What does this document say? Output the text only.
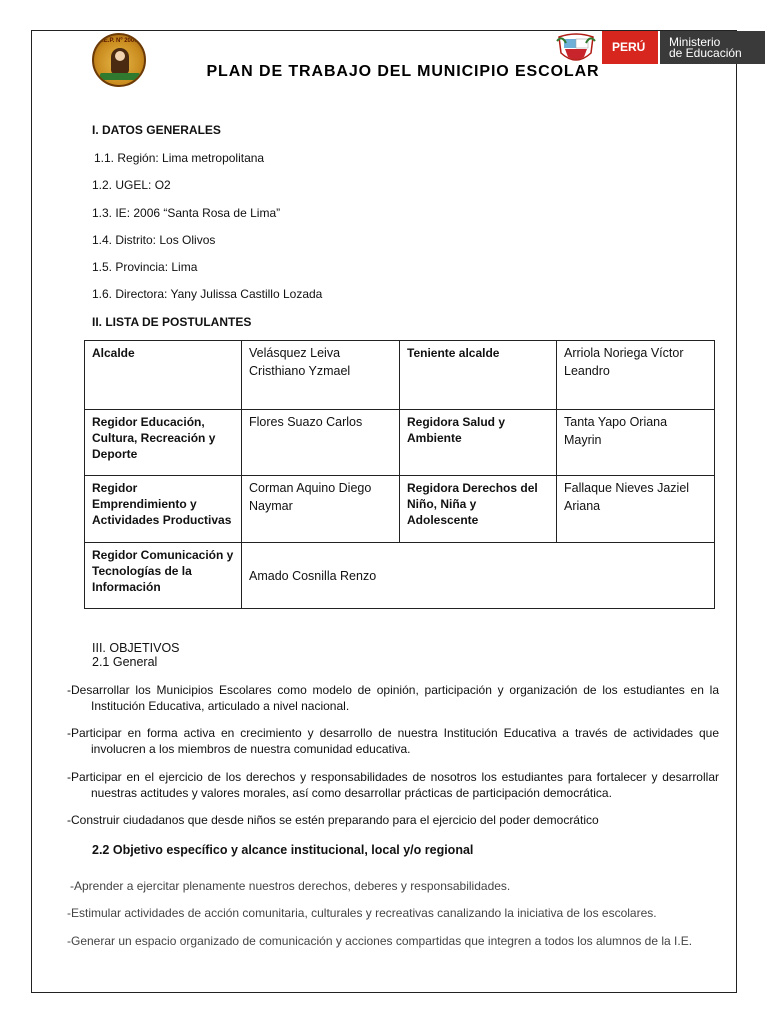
I.E.P. Nº 2006	PERÚ	Ministerio
de Educación
PLAN DE TRABAJO DEL MUNICIPIO ESCOLAR
I. DATOS GENERALES
1.1. Región: Lima metropolitana
1.2. UGEL: O2
1.3. IE: 2006 “Santa Rosa de Lima”
1.4. Distrito: Los Olivos
1.5. Provincia: Lima
1.6. Directora: Yany Julissa Castillo Lozada
II. LISTA DE POSTULANTES
Alcalde	Velásquez Leiva Cristhiano Yzmael	Teniente alcalde	Arriola Noriega Víctor Leandro
Regidor Educación, Cultura, Recreación y Deporte	Flores Suazo Carlos	Regidora Salud y Ambiente	Tanta Yapo Oriana Mayrin
Regidor Emprendimiento y Actividades Productivas	Corman Aquino Diego Naymar	Regidora Derechos del Niño, Niña y Adolescente	Fallaque Nieves Jaziel Ariana
Regidor Comunicación y Tecnologías de la Información	Amado Cosnilla Renzo		
III. OBJETIVOS
2.1 General
-Desarrollar los Municipios Escolares como modelo de opinión, participación y organización de los estudiantes en la Institución Educativa, articulado a nivel nacional.
-Participar en forma activa en crecimiento y desarrollo de nuestra Institución Educativa a través de actividades que involucren a los miembros de nuestra comunidad educativa.
-Participar en el ejercicio de los derechos y responsabilidades de nosotros los estudiantes para fortalecer y desarrollar nuestras actitudes y valores morales, así como desarrollar prácticas de participación democrática.
-Construir ciudadanos que desde niños se estén preparando para el ejercicio del poder democrático
2.2 Objetivo específico y alcance institucional, local y/o regional
-Aprender a ejercitar plenamente nuestros derechos, deberes y responsabilidades.
-Estimular actividades de acción comunitaria, culturales y recreativas canalizando la iniciativa de los escolares.
-Generar un espacio organizado de comunicación y acciones compartidas que integren a todos los alumnos de la I.E.
